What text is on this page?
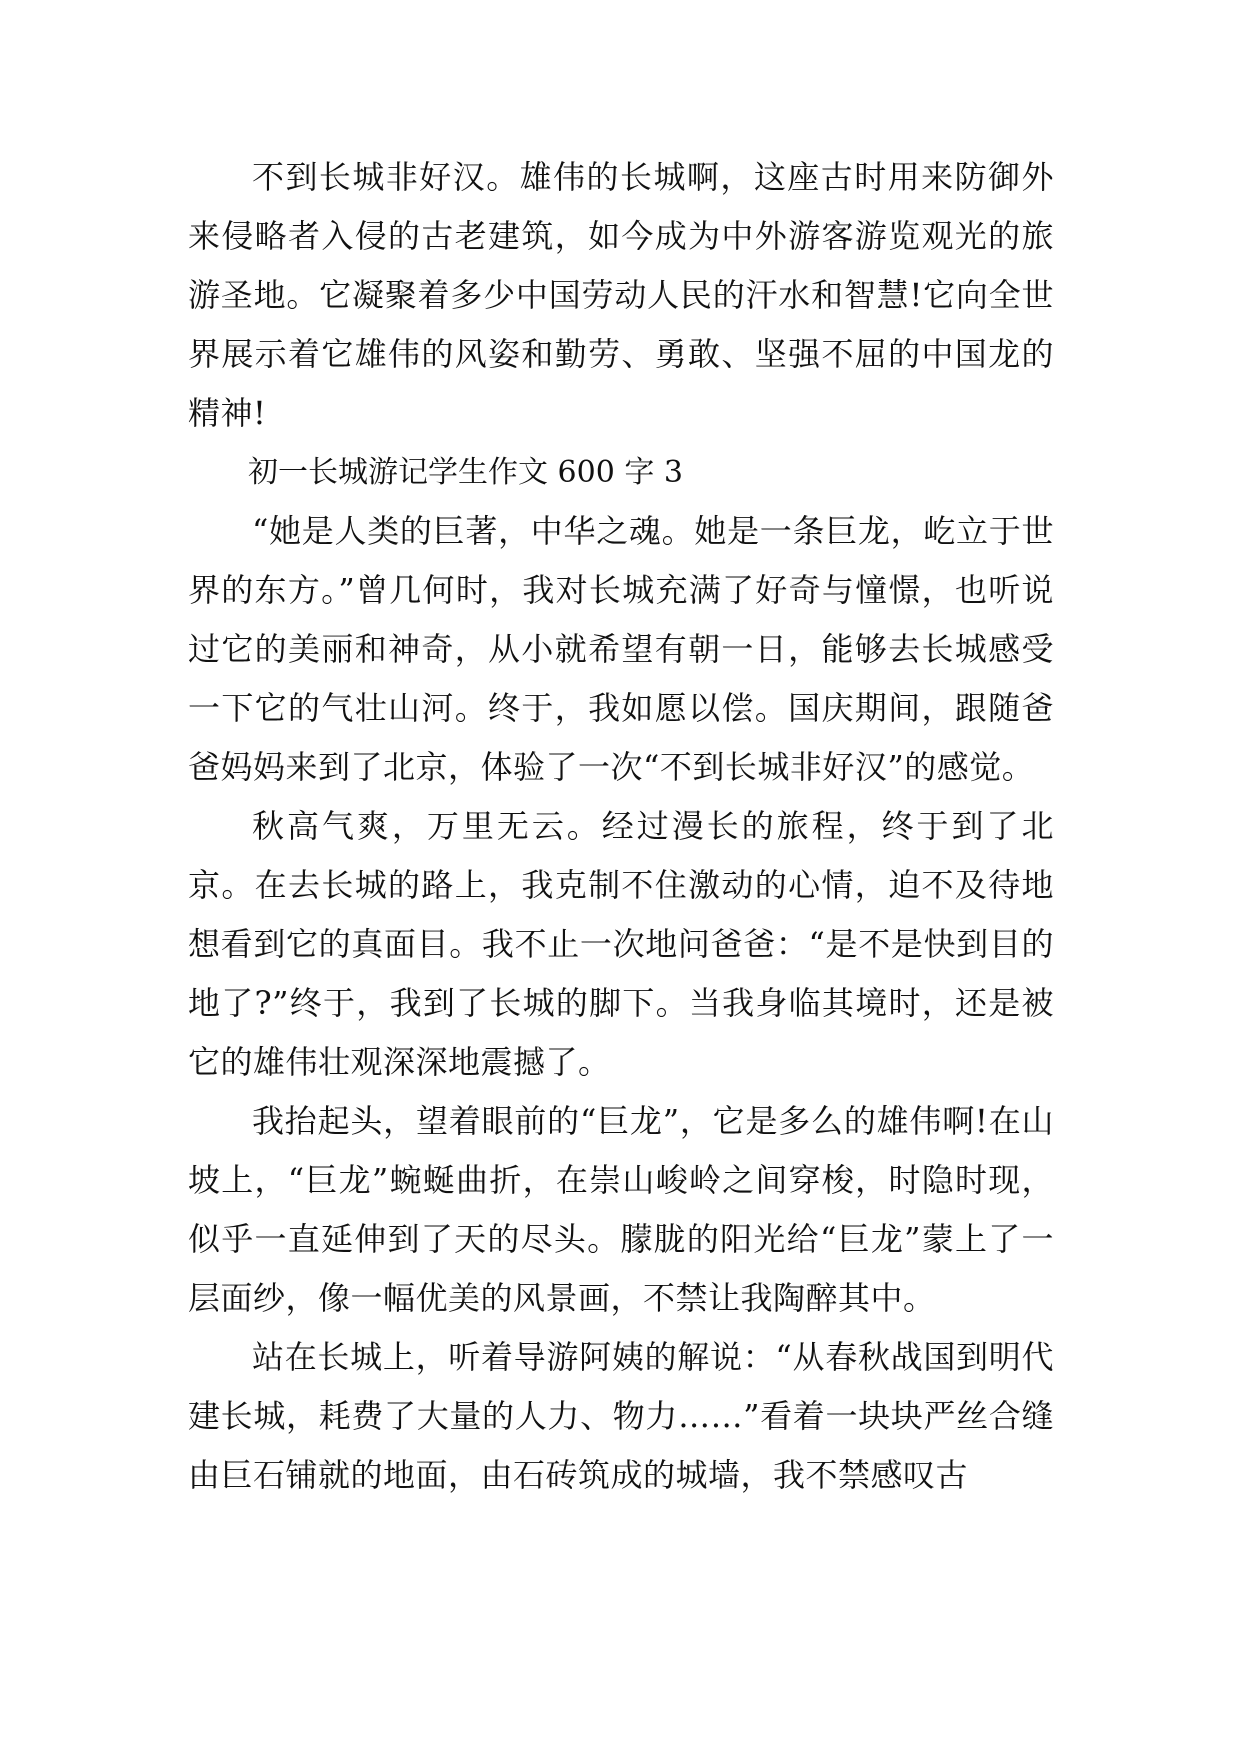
不到长城非好汉。雄伟的长城啊，这座古时用来防御外来侵略者入侵的古老建筑，如今成为中外游客游览观光的旅游圣地。它凝聚着多少中国劳动人民的汗水和智慧!它向全世界展示着它雄伟的风姿和勤劳、勇敢、坚强不屈的中国龙的精神!

初一长城游记学生作文 600 字 3

“她是人类的巨著，中华之魂。她是一条巨龙，屹立于世界的东方。”曾几何时，我对长城充满了好奇与憧憬，也听说过它的美丽和神奇，从小就希望有朝一日，能够去长城感受一下它的气壮山河。终于，我如愿以偿。国庆期间，跟随爸爸妈妈来到了北京，体验了一次“不到长城非好汉”的感觉。

秋高气爽，万里无云。经过漫长的旅程，终于到了北京。在去长城的路上，我克制不住激动的心情，迫不及待地想看到它的真面目。我不止一次地问爸爸：“是不是快到目的地了?”终于，我到了长城的脚下。当我身临其境时，还是被它的雄伟壮观深深地震撼了。

我抬起头，望着眼前的“巨龙”，它是多么的雄伟啊!在山坡上，“巨龙”蜿蜒曲折，在崇山峻岭之间穿梭，时隐时现，似乎一直延伸到了天的尽头。朦胧的阳光给“巨龙”蒙上了一层面纱，像一幅优美的风景画，不禁让我陶醉其中。

站在长城上，听着导游阿姨的解说：“从春秋战国到明代建长城，耗费了大量的人力、物力……”看着一块块严丝合缝由巨石铺就的地面，由石砖筑成的城墙，我不禁感叹古
